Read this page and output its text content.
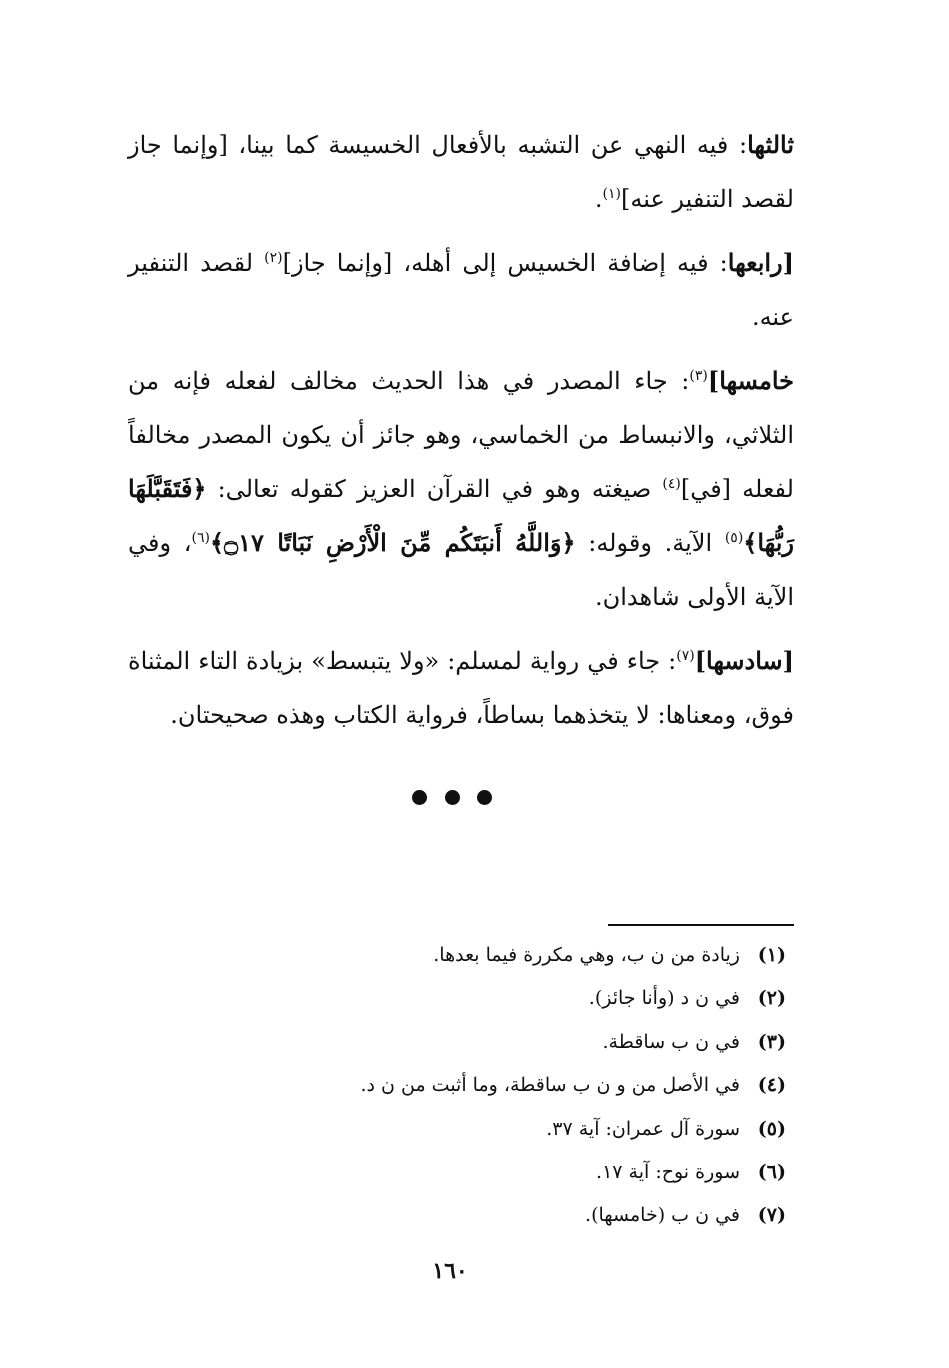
ثالثها: فيه النهي عن التشبه بالأفعال الخسيسة كما بينا، [وإنما جاز لقصد التنفير عنه]$^{(١)}$.

[رابعها: فيه إضافة الخسيس إلى أهله، [وإنما جاز]$^{(٢)}$ لقصد التنفير عنه.

خامسها]$^{(٣)}$: جاء المصدر في هذا الحديث مخالف لفعله فإنه من الثلاثي، والانبساط من الخماسي، وهو جائز أن يكون المصدر مخالفاً لفعله [في]$^{(٤)}$ صيغته وهو في القرآن العزيز كقوله تعالى: ﴿فَتَقَبَّلَهَا رَبُّهَا﴾$^{(٥)}$ الآية. وقوله: ﴿وَاللَّهُ أَنبَتَكُم مِّنَ الْأَرْضِ نَبَاتًا ۝١٧﴾$^{(٦)}$، وفي الآية الأولى شاهدان.

[سادسها]$^{(٧)}$: جاء في رواية لمسلم: «ولا يتبسط» بزيادة التاء المثناة فوق، ومعناها: لا يتخذهما بساطاً، فرواية الكتاب وهذه صحيحتان.

(١)زيادة من ن ب، وهي مكررة فيما بعدها.
(٢)في ن د (وأنا جائز).
(٣)في ن ب ساقطة.
(٤)في الأصل من و ن ب ساقطة، وما أثبت من ن د.
(٥)سورة آل عمران: آية ٣٧.
(٦)سورة نوح: آية ١٧.
(٧)في ن ب (خامسها).
١٦٠
